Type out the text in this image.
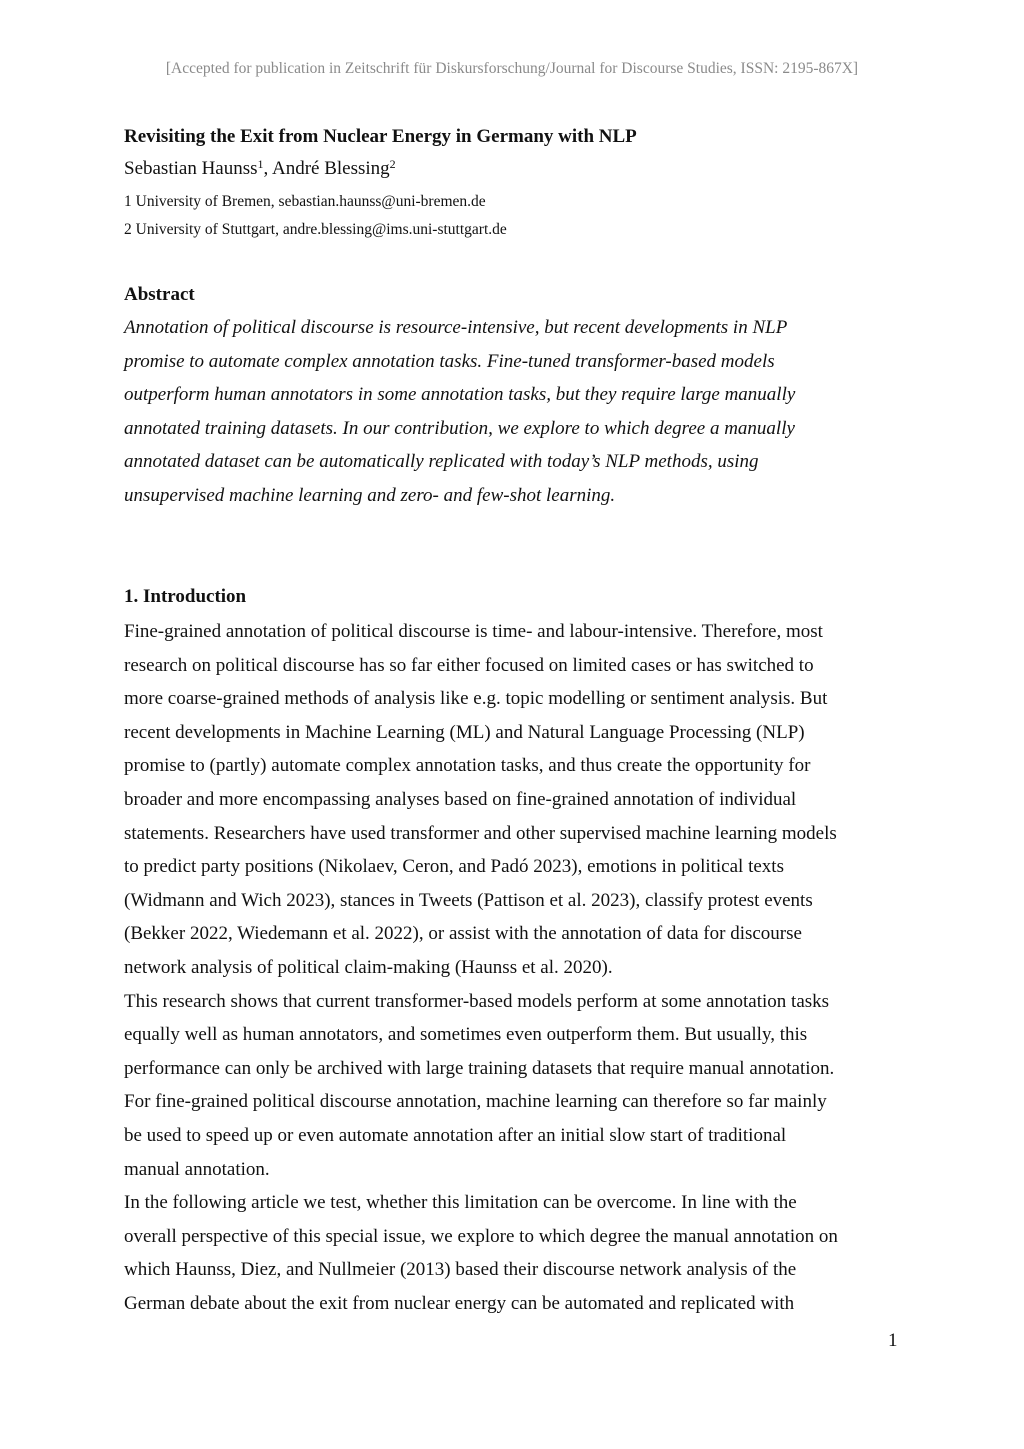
[Accepted for publication in Zeitschrift für Diskursforschung/Journal for Discourse Studies, ISSN: 2195-867X]
Revisiting the Exit from Nuclear Energy in Germany with NLP
Sebastian Haunss$^1$, André Blessing$^2$
1 University of Bremen, sebastian.haunss@uni-bremen.de
2 University of Stuttgart, andre.blessing@ims.uni-stuttgart.de
Abstract
Annotation of political discourse is resource-intensive, but recent developments in NLP
promise to automate complex annotation tasks. Fine-tuned transformer-based models
outperform human annotators in some annotation tasks, but they require large manually
annotated training datasets. In our contribution, we explore to which degree a manually
annotated dataset can be automatically replicated with today’s NLP methods, using
unsupervised machine learning and zero- and few-shot learning.
1. Introduction
Fine-grained annotation of political discourse is time- and labour-intensive. Therefore, most
research on political discourse has so far either focused on limited cases or has switched to
more coarse-grained methods of analysis like e.g. topic modelling or sentiment analysis. But
recent developments in Machine Learning (ML) and Natural Language Processing (NLP)
promise to (partly) automate complex annotation tasks, and thus create the opportunity for
broader and more encompassing analyses based on fine-grained annotation of individual
statements. Researchers have used transformer and other supervised machine learning models
to predict party positions (Nikolaev, Ceron, and Padó 2023), emotions in political texts
(Widmann and Wich 2023), stances in Tweets (Pattison et al. 2023), classify protest events
(Bekker 2022, Wiedemann et al. 2022), or assist with the annotation of data for discourse
network analysis of political claim-making (Haunss et al. 2020).
This research shows that current transformer-based models perform at some annotation tasks
equally well as human annotators, and sometimes even outperform them. But usually, this
performance can only be archived with large training datasets that require manual annotation.
For fine-grained political discourse annotation, machine learning can therefore so far mainly
be used to speed up or even automate annotation after an initial slow start of traditional
manual annotation.
In the following article we test, whether this limitation can be overcome. In line with the
overall perspective of this special issue, we explore to which degree the manual annotation on
which Haunss, Diez, and Nullmeier (2013) based their discourse network analysis of the
German debate about the exit from nuclear energy can be automated and replicated with
1
